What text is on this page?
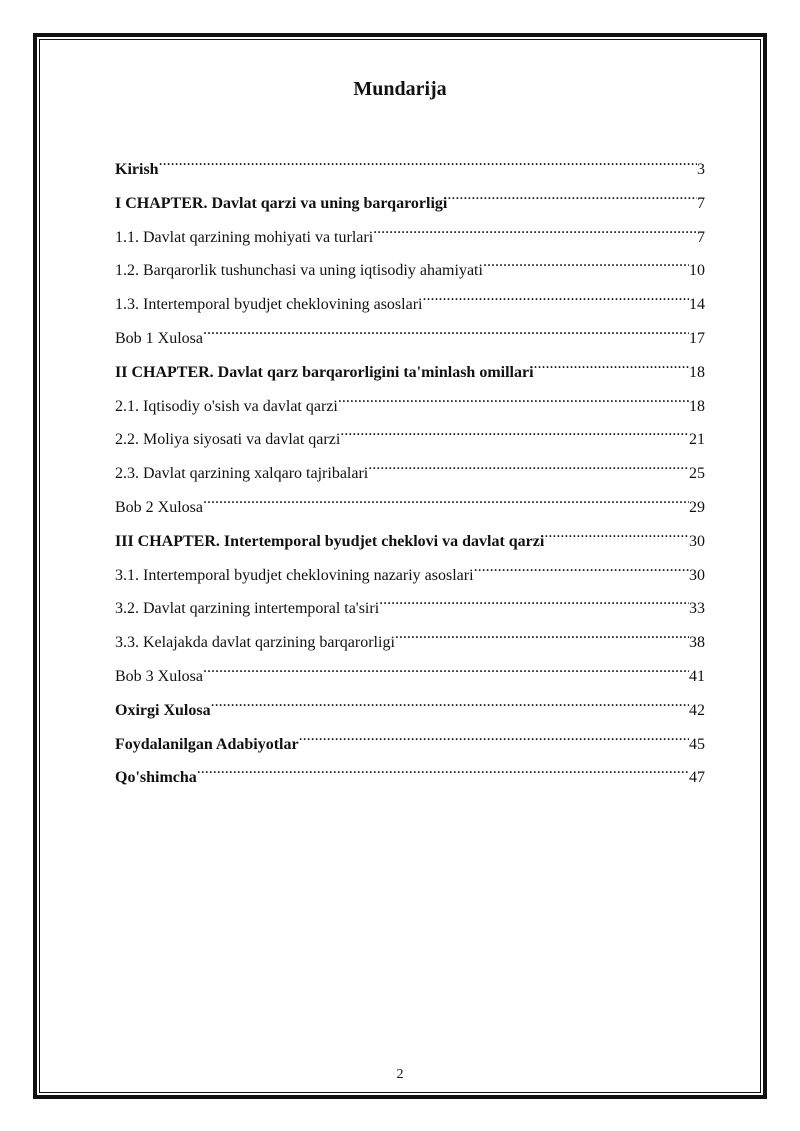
Mundarija
Kirish .....	3
I CHAPTER. Davlat qarzi va uning barqarorligi .....	7
1.1. Davlat qarzining mohiyati va turlari .....	7
1.2. Barqarorlik tushunchasi va uning iqtisodiy ahamiyati .....	10
1.3. Intertemporal byudjet cheklovining asoslari .....	14
Bob 1 Xulosa .....	17
II CHAPTER. Davlat qarz barqarorligini ta'minlash omillari .....	18
2.1. Iqtisodiy o'sish va davlat qarzi .....	18
2.2. Moliya siyosati va davlat qarzi .....	21
2.3. Davlat qarzining xalqaro tajribalari .....	25
Bob 2 Xulosa .....	29
III CHAPTER. Intertemporal byudjet cheklovi va davlat qarzi .....	30
3.1. Intertemporal byudjet cheklovining nazariy asoslari .....	30
3.2. Davlat qarzining intertemporal ta'siri .....	33
3.3. Kelajakda davlat qarzining barqarorligi .....	38
Bob 3 Xulosa .....	41
Oxirgi Xulosa .....	42
Foydalanilgan Adabiyotlar .....	45
Qo'shimcha .....	47
2
